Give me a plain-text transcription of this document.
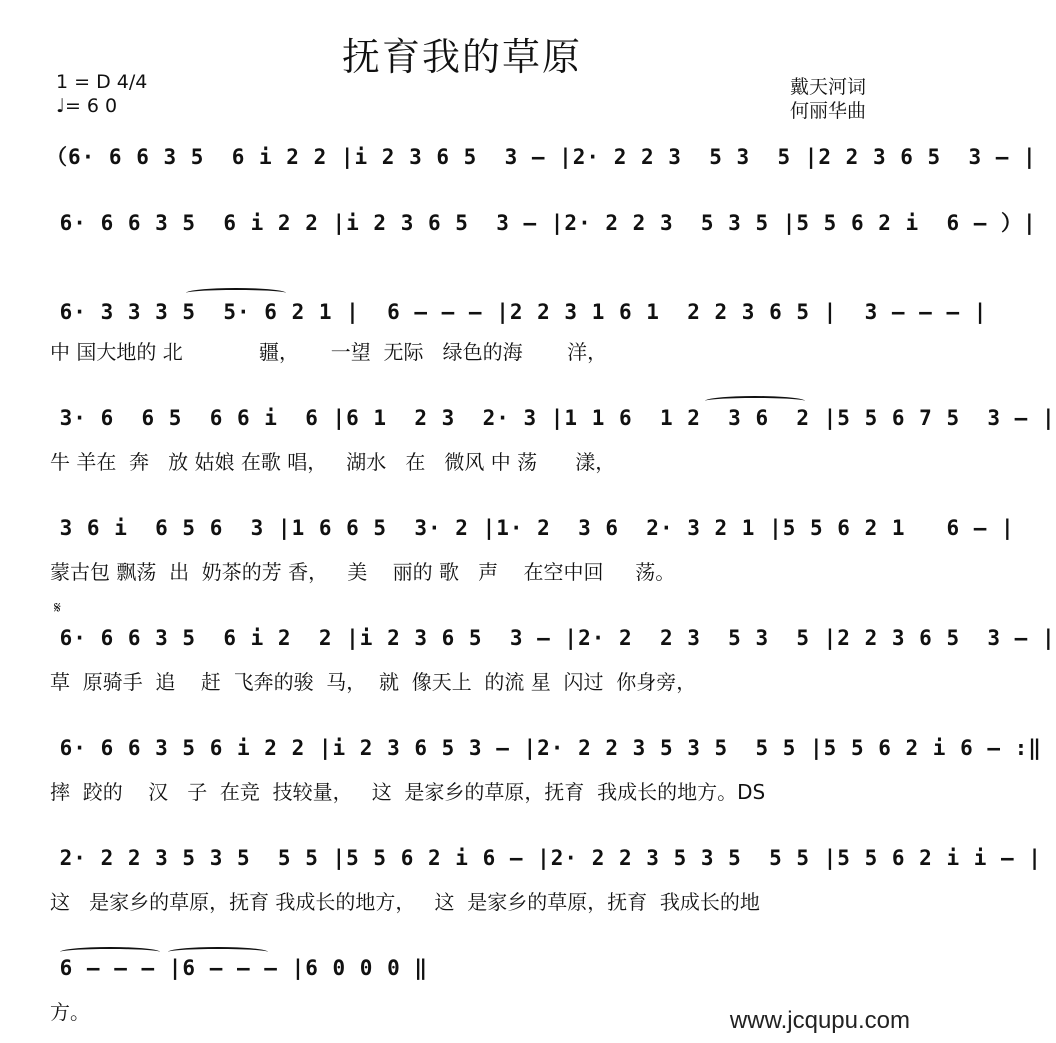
抚育我的草原
1 = D 4/4
♩= 6 0
戴天河词
何丽华曲
（6· 6 6 3 5  6 i 2 2 |i 2 3 6 5  3 — |2· 2 2 3  5 3  5 |2 2 3 6 5  3 — |
6· 6 6 3 5  6 i 2 2 |i 2 3 6 5  3 — |2· 2 2 3  5 3 5 |5 5 6 2 i  6 — ）|
6· 3 3 3 5  5· 6 2 1 |  6 — — — |2 2 3 1 6 1  2 2 3 6 5 |  3 — — — |
中 国大地的 北            疆，     一望  无际   绿色的海       洋，
3· 6  6 5  6 6 i  6 |6 1  2 3  2· 3 |1 1 6  1 2  3 6  2 |5 5 6 7 5  3 — |
牛 羊在  奔   放 姑娘 在歌 唱，   湖水   在   微风 中 荡      漾，
3 6 i  6 5 6  3 |1 6 6 5  3· 2 |1· 2  3 6  2· 3 2 1 |5 5 6 2 1   6 — |
蒙古包 飘荡  出  奶茶的芳 香，   美    丽的 歌   声    在空中回     荡。
𝄋
6· 6 6 3 5  6 i 2  2 |i 2 3 6 5  3 — |2· 2  2 3  5 3  5 |2 2 3 6 5  3 — |
草  原骑手  追    赶  飞奔的骏  马，  就  像天上  的流 星  闪过  你身旁，
6· 6 6 3 5 6 i 2 2 |i 2 3 6 5 3 — |2· 2 2 3 5 3 5  5 5 |5 5 6 2 i 6 — :‖
摔  跤的    汉   子  在竞  技较量，   这  是家乡的草原，抚育  我成长的地方。DS
2· 2 2 3 5 3 5  5 5 |5 5 6 2 i 6 — |2· 2 2 3 5 3 5  5 5 |5 5 6 2 i i — |
这   是家乡的草原，抚育 我成长的地方，   这  是家乡的草原，抚育  我成长的地
6 — — — |6 — — — |6 0 0 0 ‖
方。	www.jcqupu.com
